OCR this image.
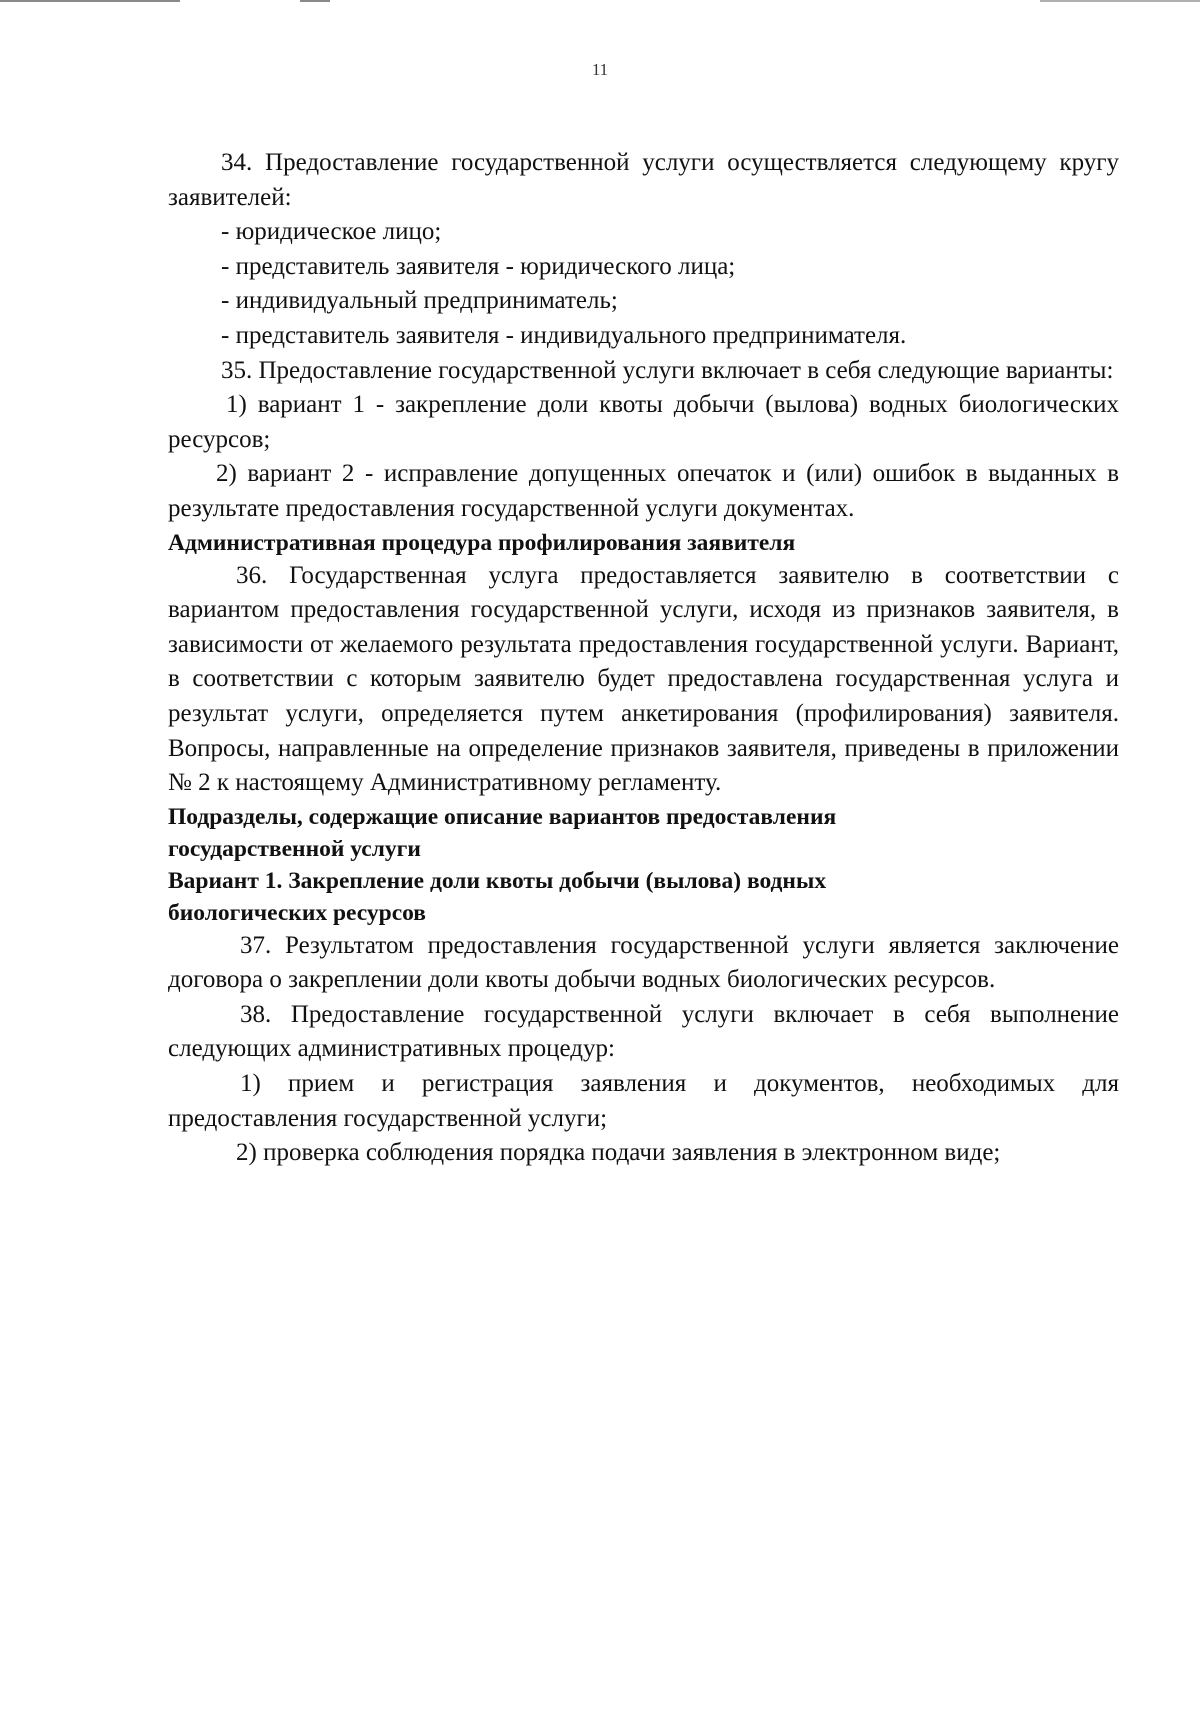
11

34. Предоставление государственной услуги осуществляется следующему кругу заявителей:

- юридическое лицо;

- представитель заявителя - юридического лица;

- индивидуальный предприниматель;

- представитель заявителя - индивидуального предпринимателя.

35. Предоставление государственной услуги включает в себя следующие варианты:

1) вариант 1 - закрепление доли квоты добычи (вылова) водных биологических ресурсов;

2) вариант 2 - исправление допущенных опечаток и (или) ошибок в выданных в результате предоставления государственной услуги документах.

Административная процедура профилирования заявителя

36. Государственная услуга предоставляется заявителю в соответствии с вариантом предоставления государственной услуги, исходя из признаков заявителя, в зависимости от желаемого результата предоставления государственной услуги. Вариант, в соответствии с которым заявителю будет предоставлена государственная услуга и результат услуги, определяется путем анкетирования (профилирования) заявителя. Вопросы, направленные на определение признаков заявителя, приведены в приложении № 2 к настоящему Административному регламенту.

Подразделы, содержащие описание вариантов предоставления
государственной услуги

Вариант 1. Закрепление доли квоты добычи (вылова) водных
биологических ресурсов

37. Результатом предоставления государственной услуги является заключение договора о закреплении доли квоты добычи водных биологических ресурсов.

38. Предоставление государственной услуги включает в себя выполнение следующих административных процедур:

1) прием и регистрация заявления и документов, необходимых для предоставления государственной услуги;

2) проверка соблюдения порядка подачи заявления в электронном виде;
